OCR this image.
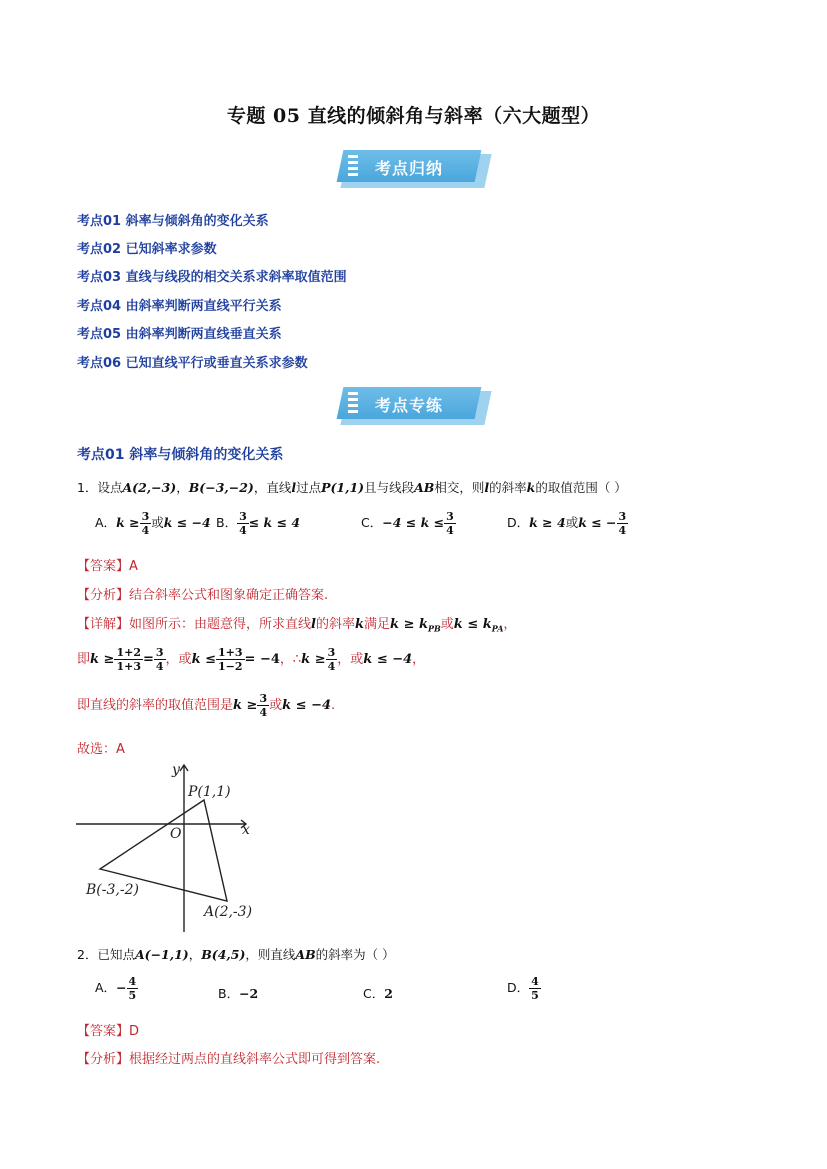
专题 05 直线的倾斜角与斜率（六大题型）
考点归纳
考点01 斜率与倾斜角的变化关系
考点02 已知斜率求参数
考点03 直线与线段的相交关系求斜率取值范围
考点04 由斜率判断两直线平行关系
考点05 由斜率判断两直线垂直关系
考点06 已知直线平行或垂直关系求参数
考点专练
考点01 斜率与倾斜角的变化关系
1．设点A(2,−3)，B(−3,−2)，直线l过点P(1,1)且与线段AB相交，则l的斜率k的取值范围（ ）
A．$k \ge \frac{3}{4}$ 或k ≤ −4 B． $\frac{3}{4} \le k \le 4$	C．$-4 \le k \le \frac{3}{4}$	D．k ≥ 4或k ≤ − $\frac{3}{4}$
【答案】A
【分析】结合斜率公式和图象确定正确答案.
【详解】如图所示：由题意得，所求直线l的斜率k满足$k \ge k_{PB}$或$k \le k_{PA}$，
即$k \ge \frac{1+2}{1+3} = \frac{3}{4}$ ，或$k \le \frac{1+3}{1-2} = -4$，∴k ≥ $\frac{3}{4}$ ，或k ≤ −4，
即直线的斜率的取值范围是$k \ge \frac{3}{4}$ 或k ≤ −4.
故选：A
y
x
O
P(1,1)
B(-3,-2)
A(2,-3)
2．已知点A(−1,1)，B(4,5)，则直线AB的斜率为（ ）
A．− $\frac{4}{5}$	B．−2	C．2	D． $\frac{4}{5}$
【答案】D
【分析】根据经过两点的直线斜率公式即可得到答案.
